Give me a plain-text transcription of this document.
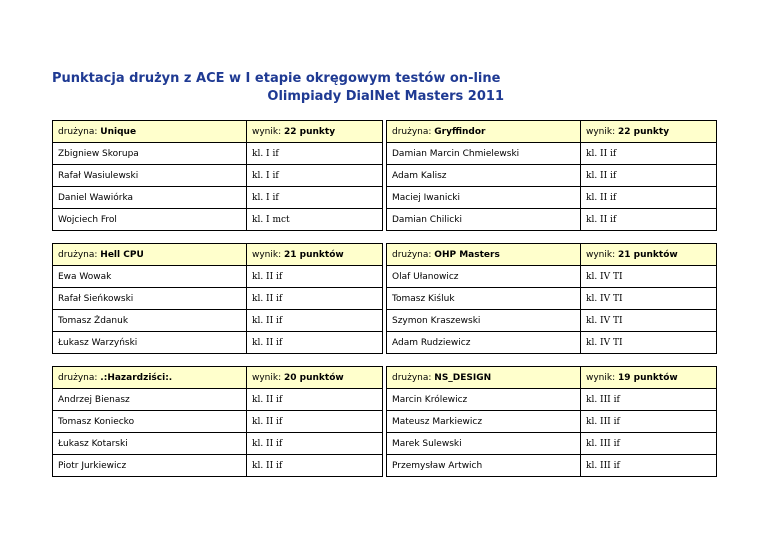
Punktacja drużyn z ACE w I etapie okręgowym testów on-line
Olimpiady DialNet Masters 2011
drużyna: Unique	wynik: 22 punkty
Zbigniew Skorupa	kl. I if
Rafał Wasiulewski	kl. I if
Daniel Wawiórka	kl. I if
Wojciech Frol	kl. I mct
drużyna: Gryffindor	wynik: 22 punkty
Damian Marcin Chmielewski	kl. II if
Adam Kalisz	kl. II if
Maciej Iwanicki	kl. II if
Damian Chilicki	kl. II if
drużyna: Hell CPU	wynik: 21 punktów
Ewa Wowak	kl. II if
Rafał Sieńkowski	kl. II if
Tomasz Żdanuk	kl. II if
Łukasz Warzyński	kl. II if
drużyna: OHP Masters	wynik: 21 punktów
Olaf Ułanowicz	kl. IV TI
Tomasz Kiśluk	kl. IV TI
Szymon Kraszewski	kl. IV TI
Adam Rudziewicz	kl. IV TI
drużyna: .:Hazardziści:.	wynik: 20 punktów
Andrzej Bienasz	kl. II if
Tomasz Koniecko	kl. II if
Łukasz Kotarski	kl. II if
Piotr Jurkiewicz	kl. II if
drużyna: NS_DESIGN	wynik: 19 punktów
Marcin Królewicz	kl. III if
Mateusz Markiewicz	kl. III if
Marek Sulewski	kl. III if
Przemysław Artwich	kl. III if
